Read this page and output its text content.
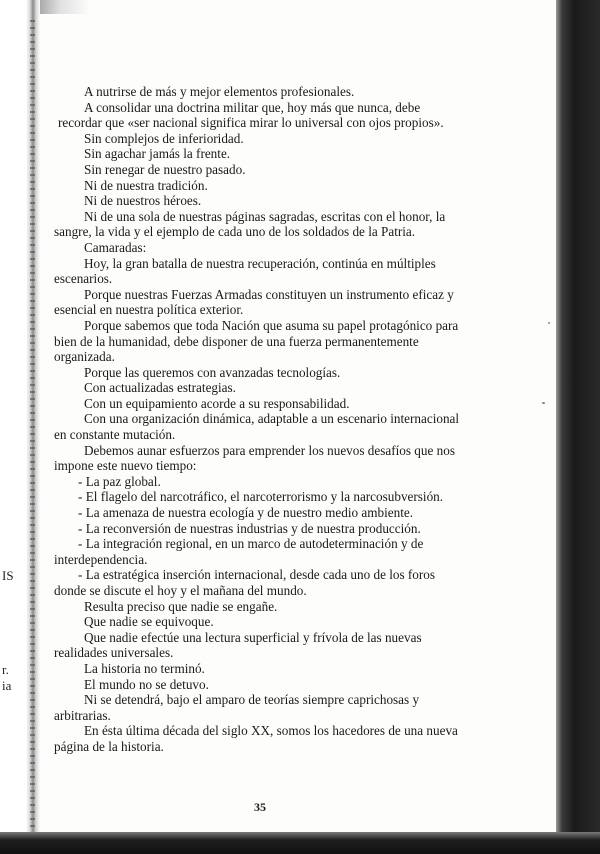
IS
r.
ia
A nutrirse de más y mejor elementos profesionales.
A consolidar una doctrina militar que, hoy más que nunca, debe
recordar que «ser nacional significa mirar lo universal con ojos propios».
Sin complejos de inferioridad.
Sin agachar jamás la frente.
Sin renegar de nuestro pasado.
Ni de nuestra tradición.
Ni de nuestros héroes.
Ni de una sola de nuestras páginas sagradas, escritas con el honor, la
sangre, la vida y el ejemplo de cada uno de los soldados de la Patria.
Camaradas:
Hoy, la gran batalla de nuestra recuperación, continúa en múltiples
escenarios.
Porque nuestras Fuerzas Armadas constituyen un instrumento eficaz y
esencial en nuestra política exterior.
Porque sabemos que toda Nación que asuma su papel protagónico para
bien de la humanidad, debe disponer de una fuerza permanentemente
organizada.
Porque las queremos con avanzadas tecnologías.
Con actualizadas estrategias.
Con un equipamiento acorde a su responsabilidad.
Con una organización dinámica, adaptable a un escenario internacional
en constante mutación.
Debemos aunar esfuerzos para emprender los nuevos desafíos que nos
impone este nuevo tiempo:
- La paz global.
- El flagelo del narcotráfico, el narcoterrorismo y la narcosubversión.
- La amenaza de nuestra ecología y de nuestro medio ambiente.
- La reconversión de nuestras industrias y de nuestra producción.
- La integración regional, en un marco de autodeterminación y de
interdependencia.
- La estratégica inserción internacional, desde cada uno de los foros
donde se discute el hoy y el mañana del mundo.
Resulta preciso que nadie se engañe.
Que nadie se equivoque.
Que nadie efectúe una lectura superficial y frívola de las nuevas
realidades universales.
La historia no terminó.
El mundo no se detuvo.
Ni se detendrá, bajo el amparo de teorías siempre caprichosas y
arbitrarias.
En ésta última década del siglo XX, somos los hacedores de una nueva
página de la historia.
35
